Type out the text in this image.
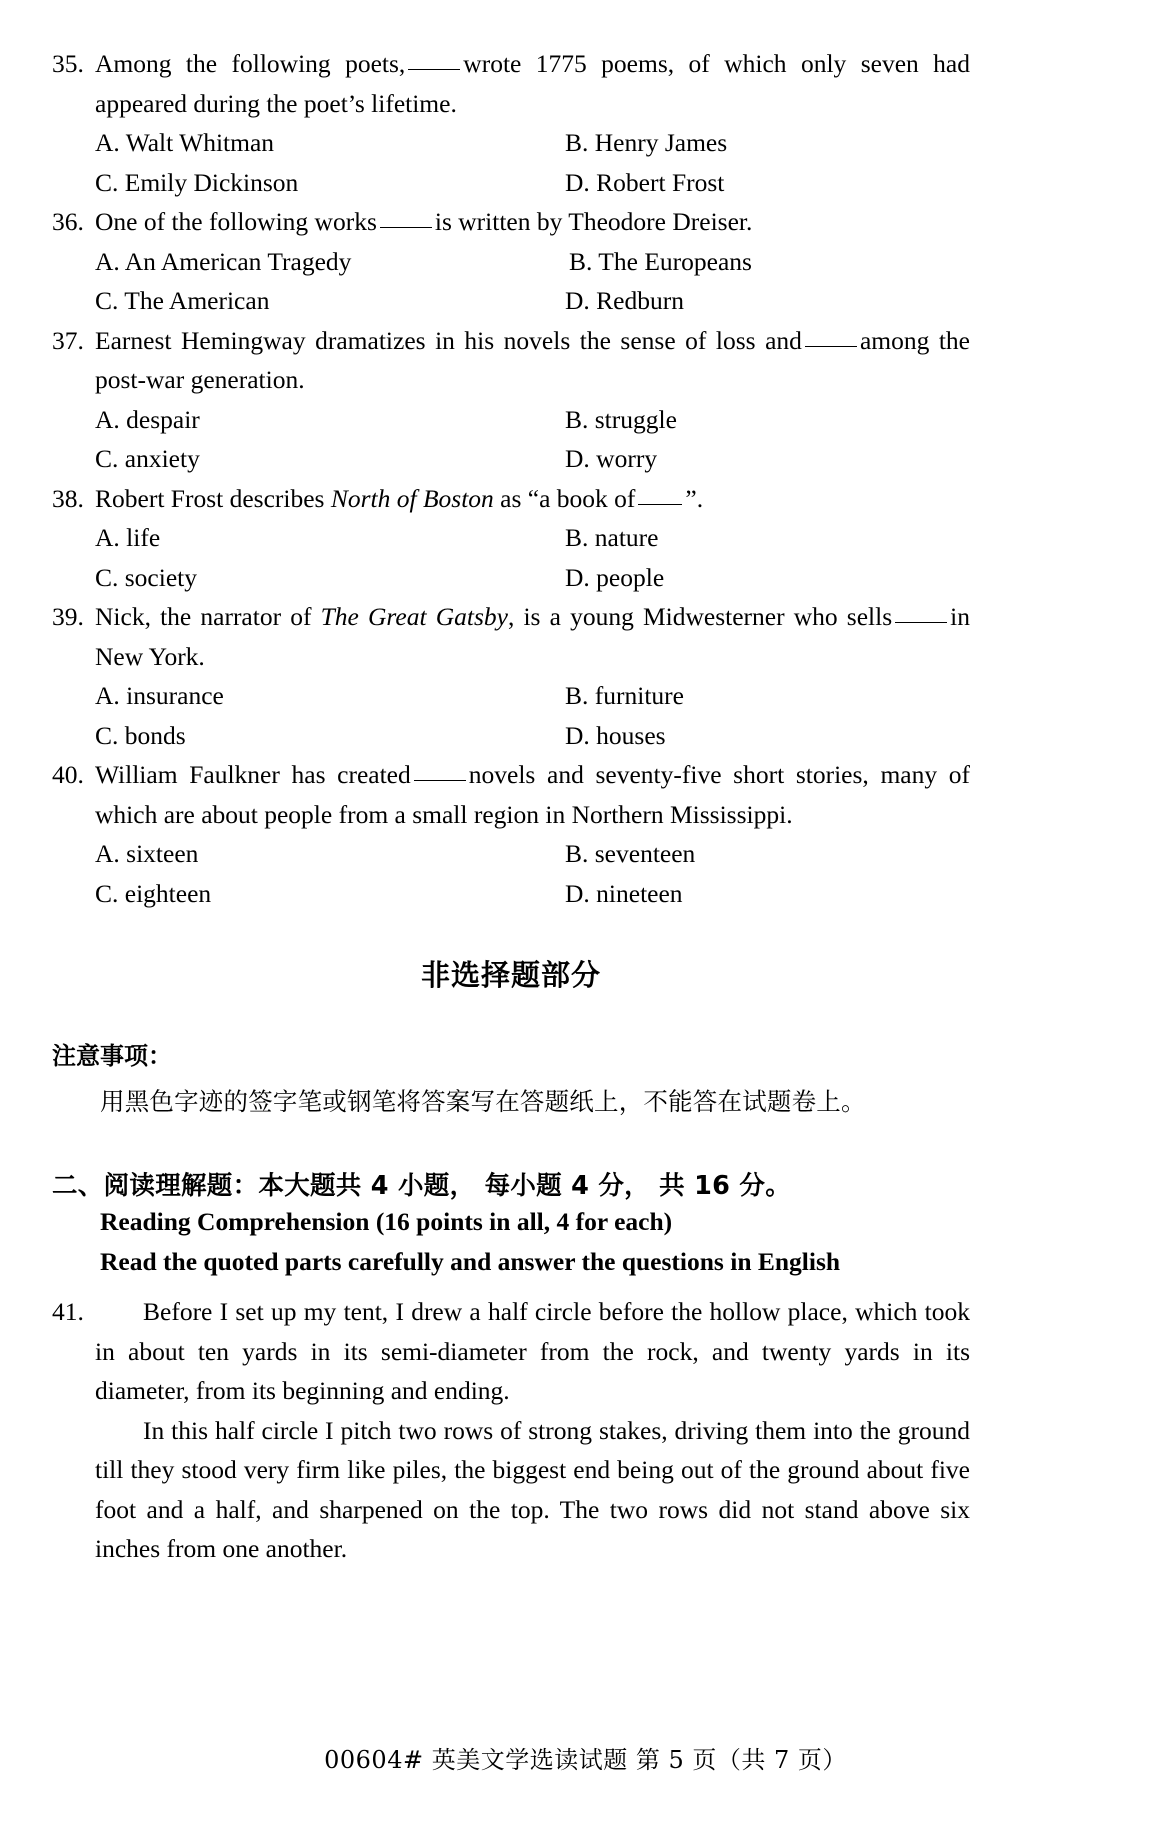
35. Among the following poets, wrote 1775 poems, of which only seven had appeared during the poet’s lifetime.
A. Walt Whitman	B. Henry James
C. Emily Dickinson	D. Robert Frost
36. One of the following works is written by Theodore Dreiser.
A. An American Tragedy	B. The Europeans
C. The American	D. Redburn
37. Earnest Hemingway dramatizes in his novels the sense of loss and among the post-war generation.
A. despair	B. struggle
C. anxiety	D. worry
38. Robert Frost describes North of Boston as “a book of ”.
A. life	B. nature
C. society	D. people
39. Nick, the narrator of The Great Gatsby, is a young Midwesterner who sells in New York.
A. insurance	B. furniture
C. bonds	D. houses
40. William Faulkner has created novels and seventy-five short stories, many of which are about people from a small region in Northern Mississippi.
A. sixteen	B. seventeen
C. eighteen	D. nineteen
非选择题部分
注意事项：
用黑色字迹的签字笔或钢笔将答案写在答题纸上，不能答在试题卷上。
二、阅读理解题：本大题共 4 小题， 每小题 4 分， 共 16 分。
Reading Comprehension (16 points in all, 4 for each)
Read the quoted parts carefully and answer the questions in English
41.	Before I set up my tent, I drew a half circle before the hollow place, which took in about ten yards in its semi-diameter from the rock, and twenty yards in its diameter, from its beginning and ending.
In this half circle I pitch two rows of strong stakes, driving them into the ground till they stood very firm like piles, the biggest end being out of the ground about five foot and a half, and sharpened on the top. The two rows did not stand above six inches from one another.
00604# 英美文学选读试题 第 5 页（共 7 页）
